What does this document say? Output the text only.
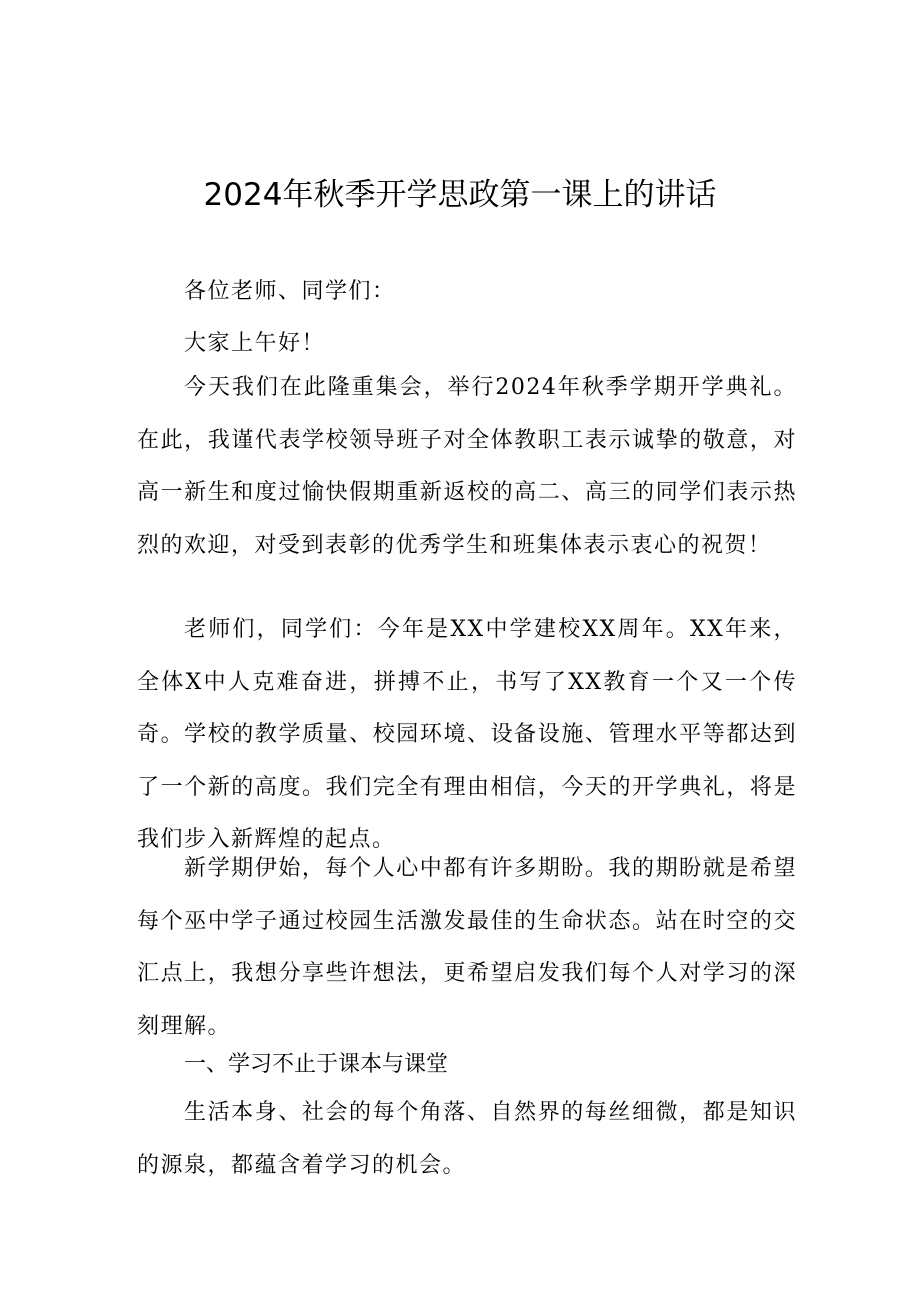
2024年秋季开学思政第一课上的讲话

各位老师、同学们：

大家上午好！

今天我们在此隆重集会，举行2024年秋季学期开学典礼。在此，我谨代表学校领导班子对全体教职工表示诚挚的敬意，对高一新生和度过愉快假期重新返校的高二、高三的同学们表示热烈的欢迎，对受到表彰的优秀学生和班集体表示衷心的祝贺！

老师们，同学们：今年是XX中学建校XX周年。XX年来，全体X中人克难奋进，拼搏不止，书写了XX教育一个又一个传奇。学校的教学质量、校园环境、设备设施、管理水平等都达到了一个新的高度。我们完全有理由相信，今天的开学典礼，将是我们步入新辉煌的起点。

新学期伊始，每个人心中都有许多期盼。我的期盼就是希望每个巫中学子通过校园生活激发最佳的生命状态。站在时空的交汇点上，我想分享些许想法，更希望启发我们每个人对学习的深刻理解。

一、学习不止于课本与课堂

生活本身、社会的每个角落、自然界的每丝细微，都是知识的源泉，都蕴含着学习的机会。
